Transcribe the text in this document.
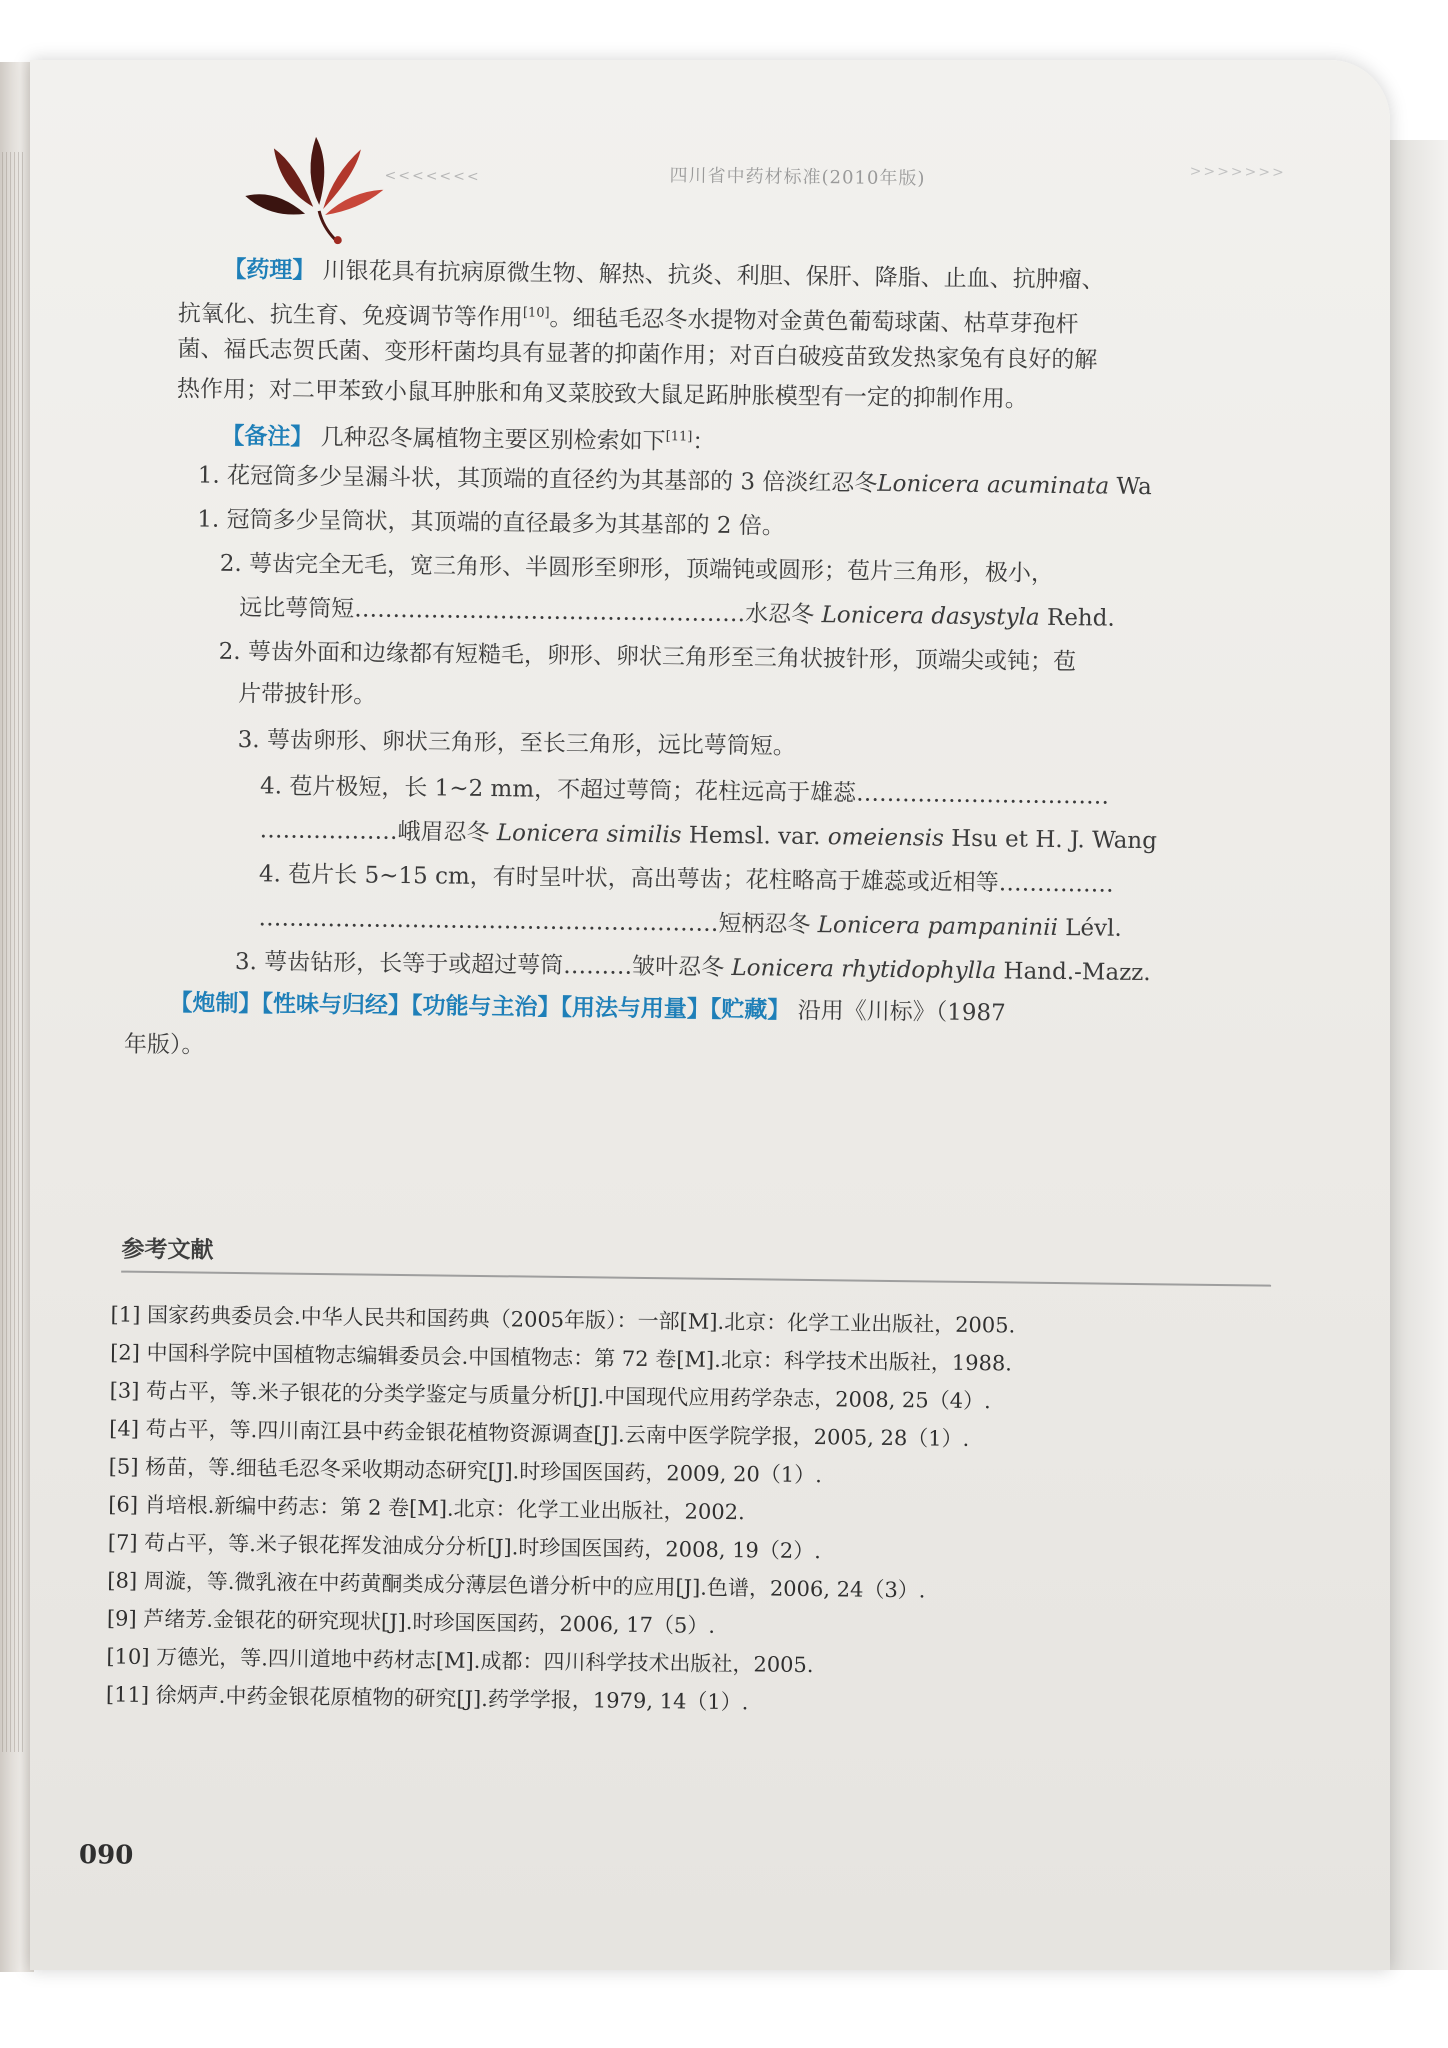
<<<<<<<	四川省中药材标准(2010年版)	>>>>>>>
【药理】 川银花具有抗病原微生物、解热、抗炎、利胆、保肝、降脂、止血、抗肿瘤、
抗氧化、抗生育、免疫调节等作用[10]。细毡毛忍冬水提物对金黄色葡萄球菌、枯草芽孢杆
菌、福氏志贺氏菌、变形杆菌均具有显著的抑菌作用；对百白破疫苗致发热家兔有良好的解
热作用；对二甲苯致小鼠耳肿胀和角叉菜胶致大鼠足跖肿胀模型有一定的抑制作用。
【备注】 几种忍冬属植物主要区别检索如下[11]：
1. 花冠筒多少呈漏斗状，其顶端的直径约为其基部的 3 倍淡红忍冬Lonicera acuminata Wa
1. 冠筒多少呈筒状，其顶端的直径最多为其基部的 2 倍。
2. 萼齿完全无毛，宽三角形、半圆形至卵形，顶端钝或圆形；苞片三角形，极小，
远比萼筒短……………………………………………水忍冬 Lonicera dasystyla Rehd.
2. 萼齿外面和边缘都有短糙毛，卵形、卵状三角形至三角状披针形，顶端尖或钝；苞
片带披针形。
3. 萼齿卵形、卵状三角形，至长三角形，远比萼筒短。
4. 苞片极短，长 1~2 mm，不超过萼筒；花柱远高于雄蕊……………………………
………………峨眉忍冬 Lonicera similis Hemsl. var. omeiensis Hsu et H. J. Wang
4. 苞片长 5~15 cm，有时呈叶状，高出萼齿；花柱略高于雄蕊或近相等……………
……………………………………………………短柄忍冬 Lonicera pampaninii Lévl.
3. 萼齿钻形，长等于或超过萼筒………皱叶忍冬 Lonicera rhytidophylla Hand.-Mazz.
【炮制】【性味与归经】【功能与主治】【用法与用量】【贮藏】 沿用《川标》（1987
年版）。
参考文献
[1] 国家药典委员会.中华人民共和国药典（2005年版）：一部[M].北京：化学工业出版社，2005.
[2] 中国科学院中国植物志编辑委员会.中国植物志：第 72 卷[M].北京：科学技术出版社，1988.
[3] 苟占平，等.米子银花的分类学鉴定与质量分析[J].中国现代应用药学杂志，2008, 25（4）.
[4] 苟占平，等.四川南江县中药金银花植物资源调查[J].云南中医学院学报，2005, 28（1）.
[5] 杨苗，等.细毡毛忍冬采收期动态研究[J].时珍国医国药，2009, 20（1）.
[6] 肖培根.新编中药志：第 2 卷[M].北京：化学工业出版社，2002.
[7] 苟占平，等.米子银花挥发油成分分析[J].时珍国医国药，2008, 19（2）.
[8] 周漩，等.微乳液在中药黄酮类成分薄层色谱分析中的应用[J].色谱，2006, 24（3）.
[9] 芦绪芳.金银花的研究现状[J].时珍国医国药，2006, 17（5）.
[10] 万德光，等.四川道地中药材志[M].成都：四川科学技术出版社，2005.
[11] 徐炳声.中药金银花原植物的研究[J].药学学报，1979, 14（1）.
090
